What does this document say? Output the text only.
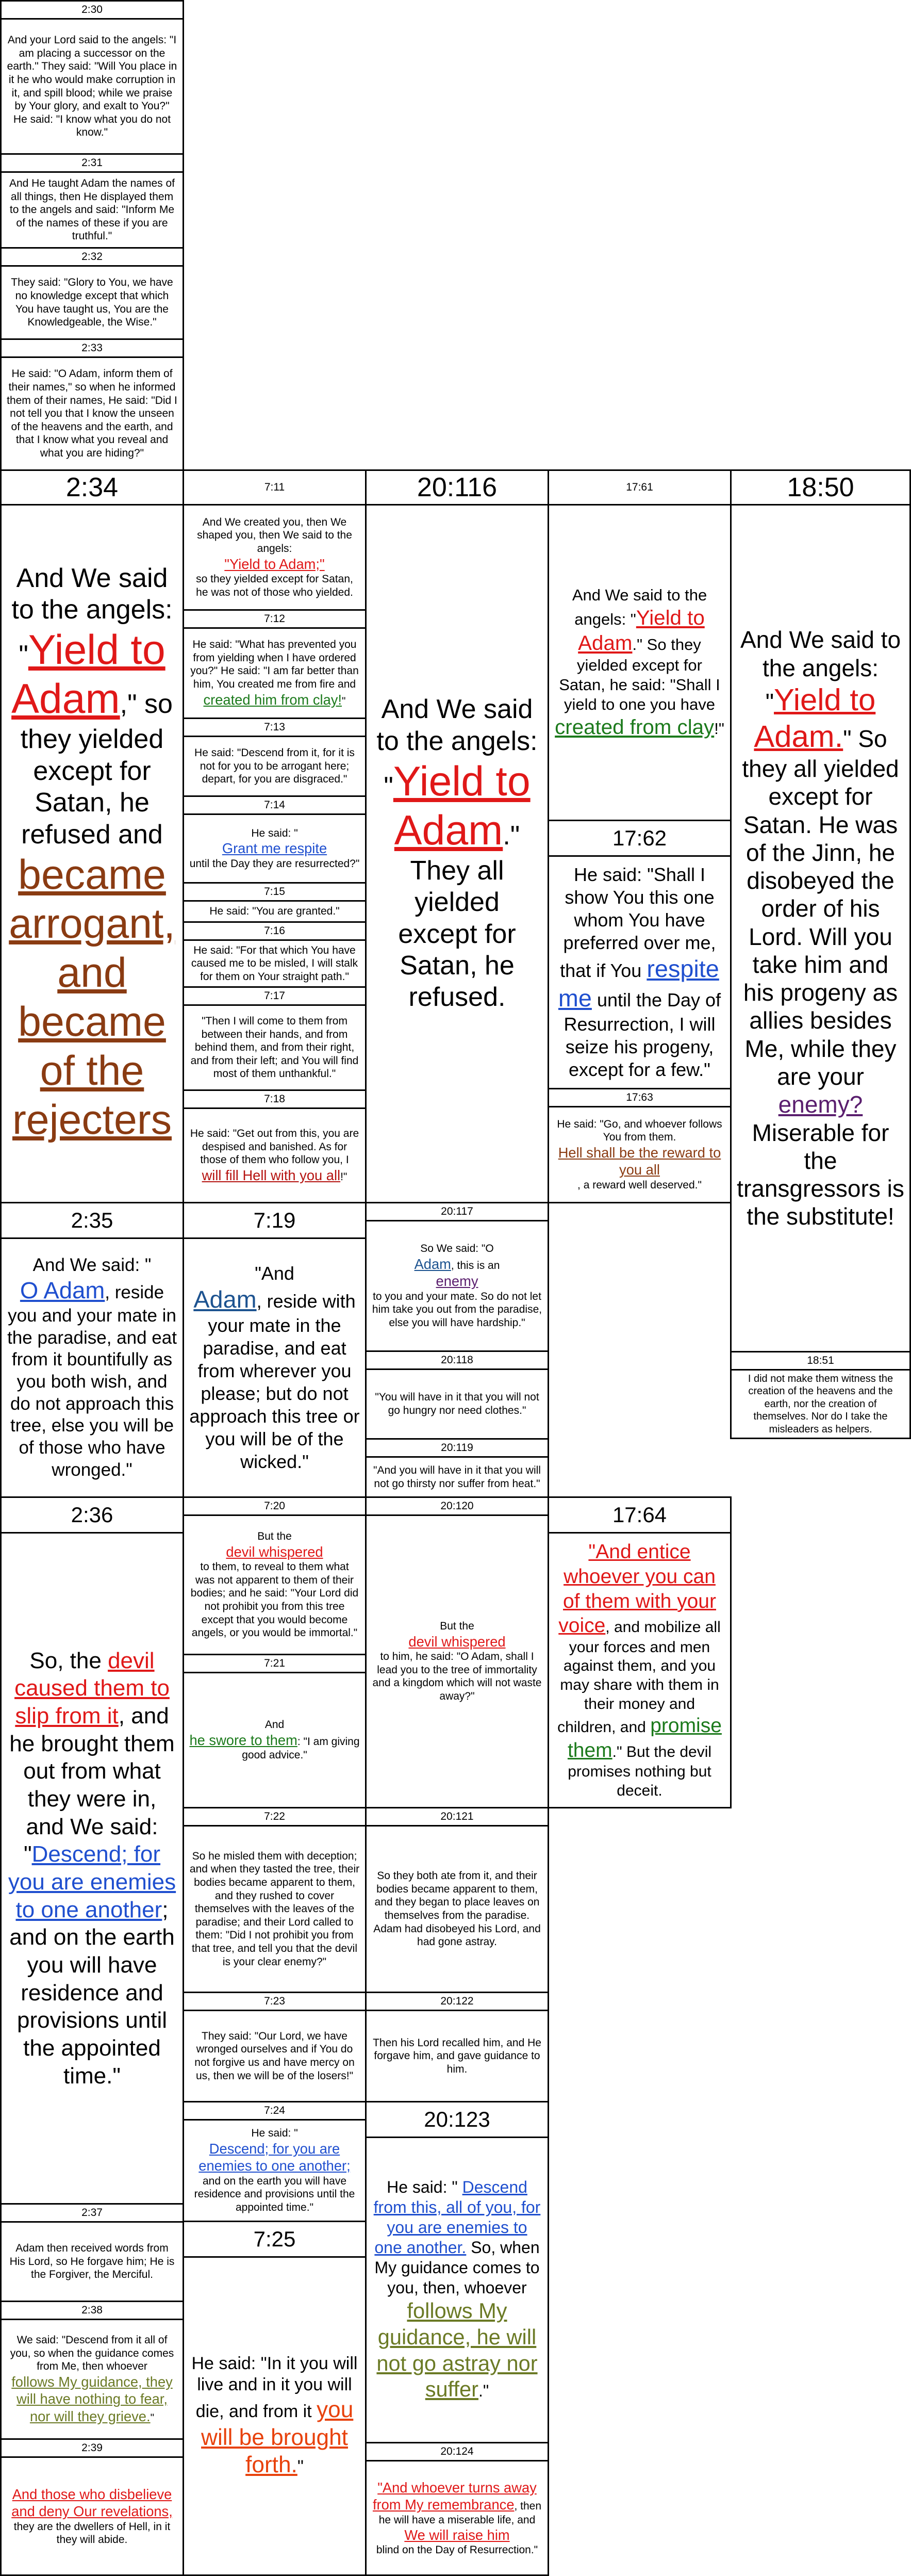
2:30
And your Lord said to the angels: "I am placing a successor on the earth." They said: "Will You place in it he who would make corruption in it, and spill blood; while we praise by Your glory, and exalt to You?" He said: "I know what you do not know."
2:31
And He taught Adam the names of all things, then He displayed them to the angels and said: "Inform Me of the names of these if you are truthful."
2:32
They said: "Glory to You, we have no knowledge except that which You have taught us, You are the Knowledgeable, the Wise."
2:33
He said: "O Adam, inform them of their names," so when he informed them of their names, He said: "Did I not tell you that I know the unseen of the heavens and the earth, and that I know what you reveal and what you are hiding?"
2:34
And We said to the angels: "Yield to Adam," so they yielded except for Satan, he refused and became arrogant, and became of the rejecters
7:11
And We created you, then We shaped you, then We said to the angels:
"Yield to Adam;"
so they yielded except for Satan, he was not of those who yielded.
7:12
He said: "What has prevented you from yielding when I have ordered you?" He said: "I am far better than him, You created me from fire and created him from clay!"
7:13
He said: "Descend from it, for it is not for you to be arrogant here; depart, for you are disgraced."
7:14
He said: "
Grant me respite
until the Day they are resurrected?"
7:15
He said: "You are granted."
7:16
He said: "For that which You have caused me to be misled, I will stalk for them on Your straight path."
7:17
"Then I will come to them from between their hands, and from behind them, and from their right, and from their left; and You will find most of them unthankful."
7:18
He said: "Get out from this, you are despised and banished. As for those of them who follow you, I
will fill Hell with you all!"
20:116
And We said to the angels: "Yield to Adam." They all yielded except for Satan, he refused.
17:61
And We said to the angels: "Yield to Adam." So they yielded except for Satan, he said: "Shall I yield to one you have created from clay!"
17:62
He said: "Shall I show You this one whom You have preferred over me, that if You respite me until the Day of Resurrection, I will seize his progeny, except for a few."
17:63
He said: "Go, and whoever follows You from them.
Hell shall be the reward to you all
, a reward well deserved."
18:50
And We said to the angels: "Yield to Adam." So they all yielded except for Satan. He was of the Jinn, he disobeyed the order of his Lord. Will you take him and his progeny as allies besides Me, while they are your enemy? Miserable for the transgressors is the substitute!
18:51
I did not make them witness the creation of the heavens and the earth, nor the creation of themselves. Nor do I take the misleaders as helpers.
2:35
And We said: "
O Adam, reside you and your mate in the paradise, and eat from it bountifully as you both wish, and do not approach this tree, else you will be of those who have wronged."
7:19
"And
Adam, reside with your mate in the paradise, and eat from wherever you please; but do not approach this tree or you will be of the wicked."
20:117
So We said: "O
Adam, this is an
enemy
to you and your mate. So do not let him take you out from the paradise, else you will have hardship."
20:118
"You will have in it that you will not go hungry nor need clothes."
20:119
"And you will have in it that you will not go thirsty nor suffer from heat."
2:36
So, the devil caused them to slip from it, and he brought them out from what they were in, and We said: "Descend; for you are enemies to one another; and on the earth you will have residence and provisions until the appointed time."
2:37
Adam then received words from His Lord, so He forgave him; He is the Forgiver, the Merciful.
2:38
We said: "Descend from it all of you, so when the guidance comes from Me, then whoever
follows My guidance, they will have nothing to fear, nor will they grieve."
2:39
And those who disbelieve and deny Our revelations,
they are the dwellers of Hell, in it they will abide.
7:20
But the
devil whispered
to them, to reveal to them what was not apparent to them of their bodies; and he said: "Your Lord did not prohibit you from this tree except that you would become angels, or you would be immortal."
7:21
And
he swore to them: "I am giving good advice."
7:22
So he misled them with deception; and when they tasted the tree, their bodies became apparent to them, and they rushed to cover themselves with the leaves of the paradise; and their Lord called to them: "Did I not prohibit you from that tree, and tell you that the devil is your clear enemy?"
7:23
They said: "Our Lord, we have wronged ourselves and if You do not forgive us and have mercy on us, then we will be of the losers!"
7:24
He said: "
Descend; for you are enemies to one another;
and on the earth you will have residence and provisions until the appointed time."
7:25
He said: "In it you will live and in it you will die, and from it you will be brought forth."
20:120
But the
devil whispered
to him, he said: "O Adam, shall I lead you to the tree of immortality and a kingdom which will not waste away?"
20:121
So they both ate from it, and their bodies became apparent to them, and they began to place leaves on themselves from the paradise. Adam had disobeyed his Lord, and had gone astray.
20:122
Then his Lord recalled him, and He forgave him, and gave guidance to him.
20:123
He said: " Descend from this, all of you, for you are enemies to one another. So, when My guidance comes to you, then, whoever follows My guidance, he will not go astray nor suffer."
20:124
"And whoever turns away from My remembrance, then he will have a miserable life, and
We will raise him
blind on the Day of Resurrection."
17:64
"And entice whoever you can of them with your voice, and mobilize all your forces and men against them, and you may share with them in their money and children, and promise them." But the devil promises nothing but deceit.
